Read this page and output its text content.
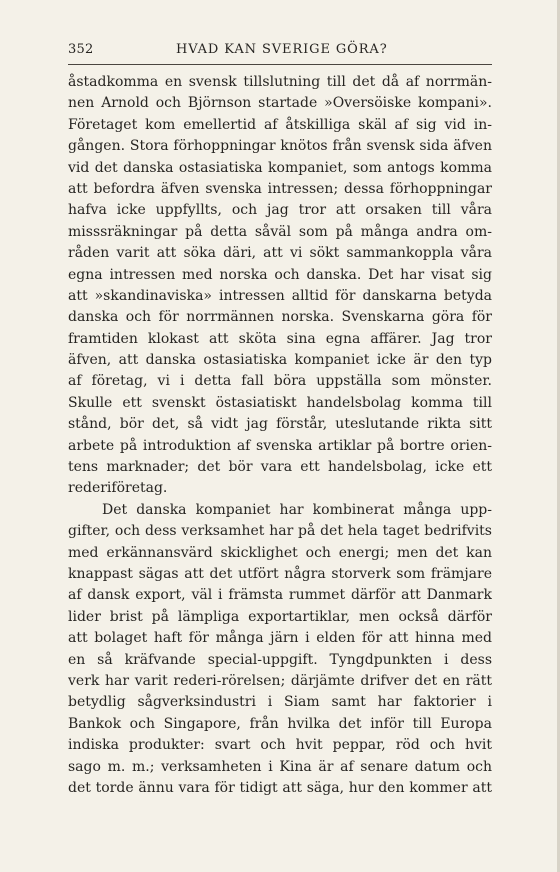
352	HVAD KAN SVERIGE GÖRA?
åstadkomma en svensk tillslutning till det då af norrmän-
nen Arnold och Björnson startade »Oversöiske kompani».
Företaget kom emellertid af åtskilliga skäl af sig vid in-
gången. Stora förhoppningar knötos från svensk sida äfven
vid det danska ostasiatiska kompaniet, som antogs komma
att befordra äfven svenska intressen; dessa förhoppningar
hafva icke uppfyllts, och jag tror att orsaken till våra
misssräkningar på detta såväl som på många andra om-
råden varit att söka däri, att vi sökt sammankoppla våra
egna intressen med norska och danska. Det har visat sig
att »skandinaviska» intressen alltid för danskarna betyda
danska och för norrmännen norska. Svenskarna göra för
framtiden klokast att sköta sina egna affärer. Jag tror
äfven, att danska ostasiatiska kompaniet icke är den typ
af företag, vi i detta fall böra uppställa som mönster.
Skulle ett svenskt östasiatiskt handelsbolag komma till
stånd, bör det, så vidt jag förstår, uteslutande rikta sitt
arbete på introduktion af svenska artiklar på bortre orien-
tens marknader; det bör vara ett handelsbolag, icke ett
rederiföretag.
Det danska kompaniet har kombinerat många upp-
gifter, och dess verksamhet har på det hela taget bedrifvits
med erkännansvärd skicklighet och energi; men det kan
knappast sägas att det utfört några storverk som främjare
af dansk export, väl i främsta rummet därför att Danmark
lider brist på lämpliga exportartiklar, men också därför
att bolaget haft för många järn i elden för att hinna med
en så kräfvande special-uppgift. Tyngdpunkten i dess
verk har varit rederi-rörelsen; därjämte drifver det en rätt
betydlig sågverksindustri i Siam samt har faktorier i
Bankok och Singapore, från hvilka det inför till Europa
indiska produkter: svart och hvit peppar, röd och hvit
sago m. m.; verksamheten i Kina är af senare datum och
det torde ännu vara för tidigt att säga, hur den kommer att
